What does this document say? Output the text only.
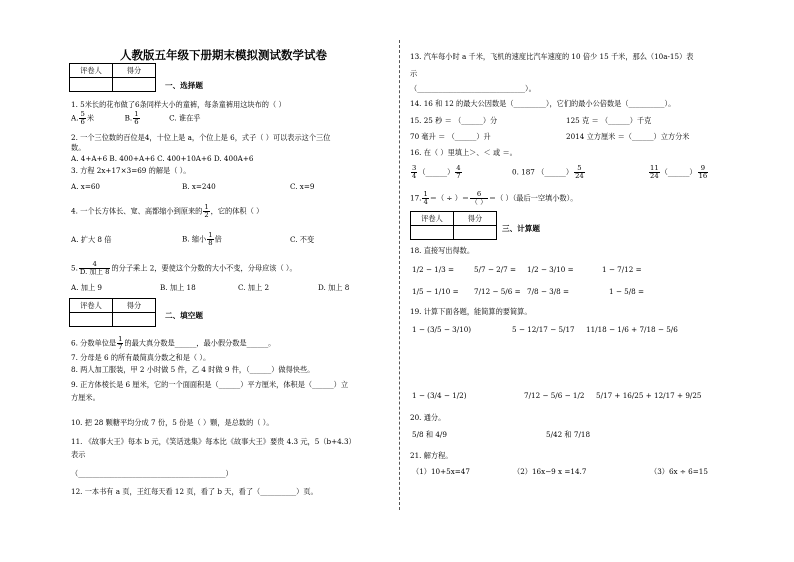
人教版五年级下册期末模拟测试数学试卷
评卷人	得分

一、选择题
1. 5米长的花布做了6条同样大小的童裤，每条童裤用这块布的（ ）
A. $\frac{5}{6}$ 米	B. $\frac{1}{6}$	C. 谁在乎
2. 一个三位数的百位是4，十位上是 a，个位上是 6，式子（ ）可以表示这个三位
数。
A. 4+A+6 B. 400+A+6 C. 400+10A+6 D. 400A+6
3. 方程 2x+17×3=69 的解是（ ）。
A. x=60	B. x=240	C. x=9
4. 一个长方体长、宽、高都缩小到原来的 $\frac{1}{2}$ ，它的体积（ ）
A. 扩大 8 倍	B. 缩小 $\frac{1}{8}$ 倍	C. 不变
5. $\frac{4}{\text{D. 加上 8}}$ 的分子乘上 2，要使这个分数的大小不变，分母应该（ ）。
A. 加上 9	B. 加上 18	C. 加上 2	D. 加上 8
评卷人	得分

二、填空题
6. 分数单位是 $\frac{1}{7}$ 的最大真分数是______，最小假分数是______。
7. 分母是 6 的所有最简真分数之和是（ ）。
8. 两人加工服装，甲 2 小时做 5 件，乙 4 时做 9 件，（______）做得快些。
9. 正方体棱长是 6 厘米，它的一个面面积是（______）平方厘米，体积是（______）立
方厘米。
10. 把 28 颗糖平均分成 7 份，5 份是（ ）颗，是总数的（ ）。
11. 《故事大王》每本 b 元，《笑话选集》每本比《故事大王》要贵 4.3 元，5（b+4.3）
表示
（_________________________________________）
12. 一本书有 a 页，王红每天看 12 页，看了 b 天，看了（__________）页。
13. 汽车每小时 a 千米，飞机的速度比汽车速度的 10 倍少 15 千米，那么（10a-15）表
示
（______________________________）。
14. 16 和 12 的最大公因数是（_________），它们的最小公倍数是（__________）。
15. 25 秒 ＝ （______）分	125 克 ＝ （______）千克
70 毫升 ＝ （______）升	2014 立方厘米 ＝（______）立方分米
16. 在（ ）里填上＞、＜ 或 ＝。
$\frac{3}{4}$ （______） $\frac{4}{7}$	0. 187 （______） $\frac{5}{24}$	$\frac{11}{24}$ （______） $\frac{9}{16}$
17. $\frac{1}{4}$ ＝（ ÷ ）＝ $\frac{6}{( )}$ ＝（ ）（最后一空填小数）。
评卷人	得分

三、计算题
18. 直接写出得数。
1/2 − 1/3 =	5/7 − 2/7 = 1/2 − 3/10 =	1 − 7/12 =
1/5 − 1/10 = 7/12 − 5/6 = 7/8 − 3/8 =	1 − 5/8 =
19. 计算下面各题，能简算的要简算。
1 − (3/5 − 3/10)	5 − 12/17 − 5/17 11/18 − 1/6 + 7/18 − 5/6
1 − (3/4 − 1/2)	7/12 − 5/6 − 1/2 5/17 + 16/25 + 12/17 + 9/25
20. 通分。
5/8 和 4/9	5/42 和 7/18
21. 解方程。
（1）10+5x=47	（2）16x−9 x =14.7	（3）6x ÷ 6=15
